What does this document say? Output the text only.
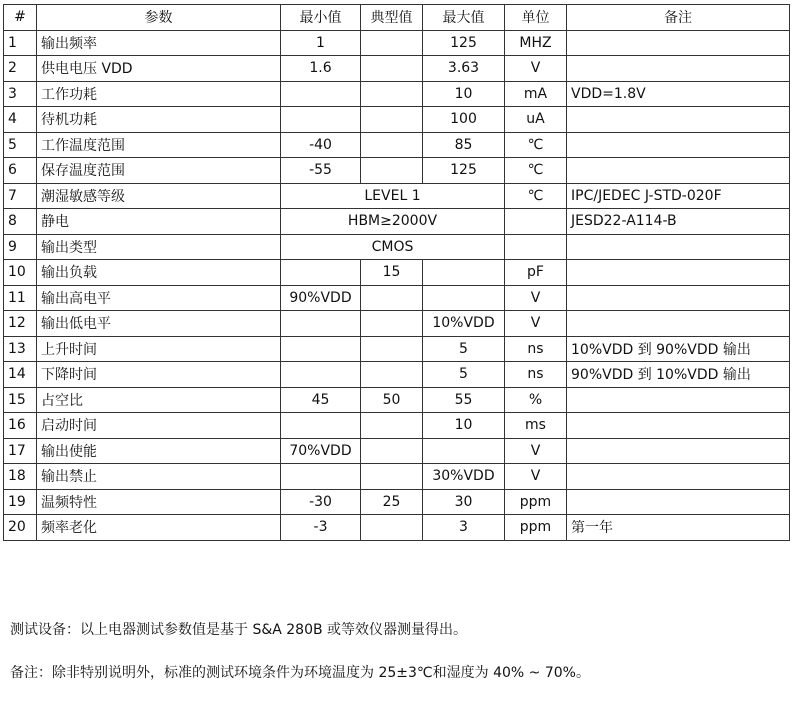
#	参数	最小值	典型值	最大值	单位	备注
1	输出频率	1		125	MHZ	
2	供电电压 VDD	1.6		3.63	V	
3	工作功耗			10	mA	VDD=1.8V
4	待机功耗			100	uA	
5	工作温度范围	-40		85	℃	
6	保存温度范围	-55		125	℃	
7	潮湿敏感等级	LEVEL 1			℃	IPC/JEDEC J-STD-020F
8	静电	HBM≥2000V				JESD22-A114-B
9	输出类型	CMOS				
10	输出负载		15		pF	
11	输出高电平	90%VDD			V	
12	输出低电平			10%VDD	V	
13	上升时间			5	ns	10%VDD 到 90%VDD 输出
14	下降时间			5	ns	90%VDD 到 10%VDD 输出
15	占空比	45	50	55	%	
16	启动时间			10	ms	
17	输出使能	70%VDD			V	
18	输出禁止			30%VDD	V	
19	温频特性	-30	25	30	ppm	
20	频率老化	-3		3	ppm	第一年
测试设备：以上电器测试参数值是基于 S&A 280B 或等效仪器测量得出。
备注：除非特别说明外，标准的测试环境条件为环境温度为 25±3℃和湿度为 40% ~ 70%。
